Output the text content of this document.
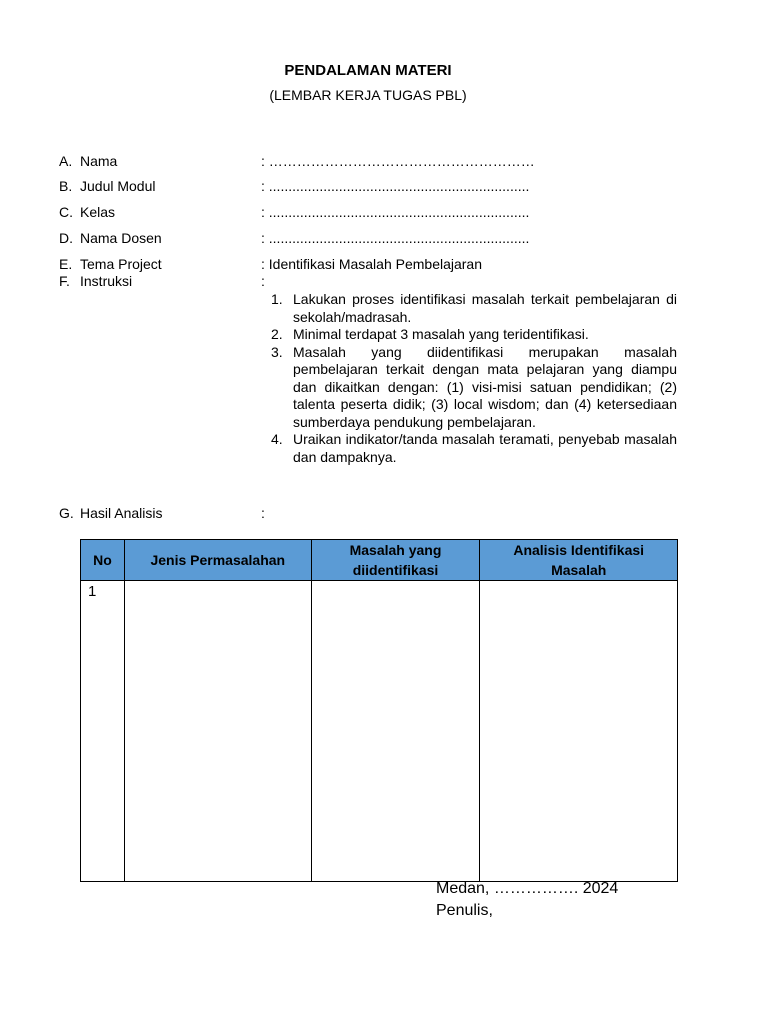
PENDALAMAN MATERI
(LEMBAR KERJA TUGAS PBL)
A. Nama	: …………………………………………………
B. Judul Modul	: ...................................................................
C. Kelas	: ...................................................................
D. Nama Dosen	: ...................................................................
E. Tema Project	: Identifikasi Masalah Pembelajaran
F. Instruksi	:
1. Lakukan proses identifikasi masalah terkait pembelajaran di sekolah/madrasah.
2. Minimal terdapat 3 masalah yang teridentifikasi.
3. Masalah yang diidentifikasi merupakan masalah pembelajaran terkait dengan mata pelajaran yang diampu dan dikaitkan dengan: (1) visi-misi satuan pendidikan; (2) talenta peserta didik; (3) local wisdom; dan (4) ketersediaan sumberdaya pendukung pembelajaran.
4. Uraikan indikator/tanda masalah teramati, penyebab masalah dan dampaknya.
G. Hasil Analisis	:
No	Jenis Permasalahan	Masalah yang diidentifikasi	Analisis Identifikasi Masalah
1			
Medan, ……………. 2024
Penulis,
